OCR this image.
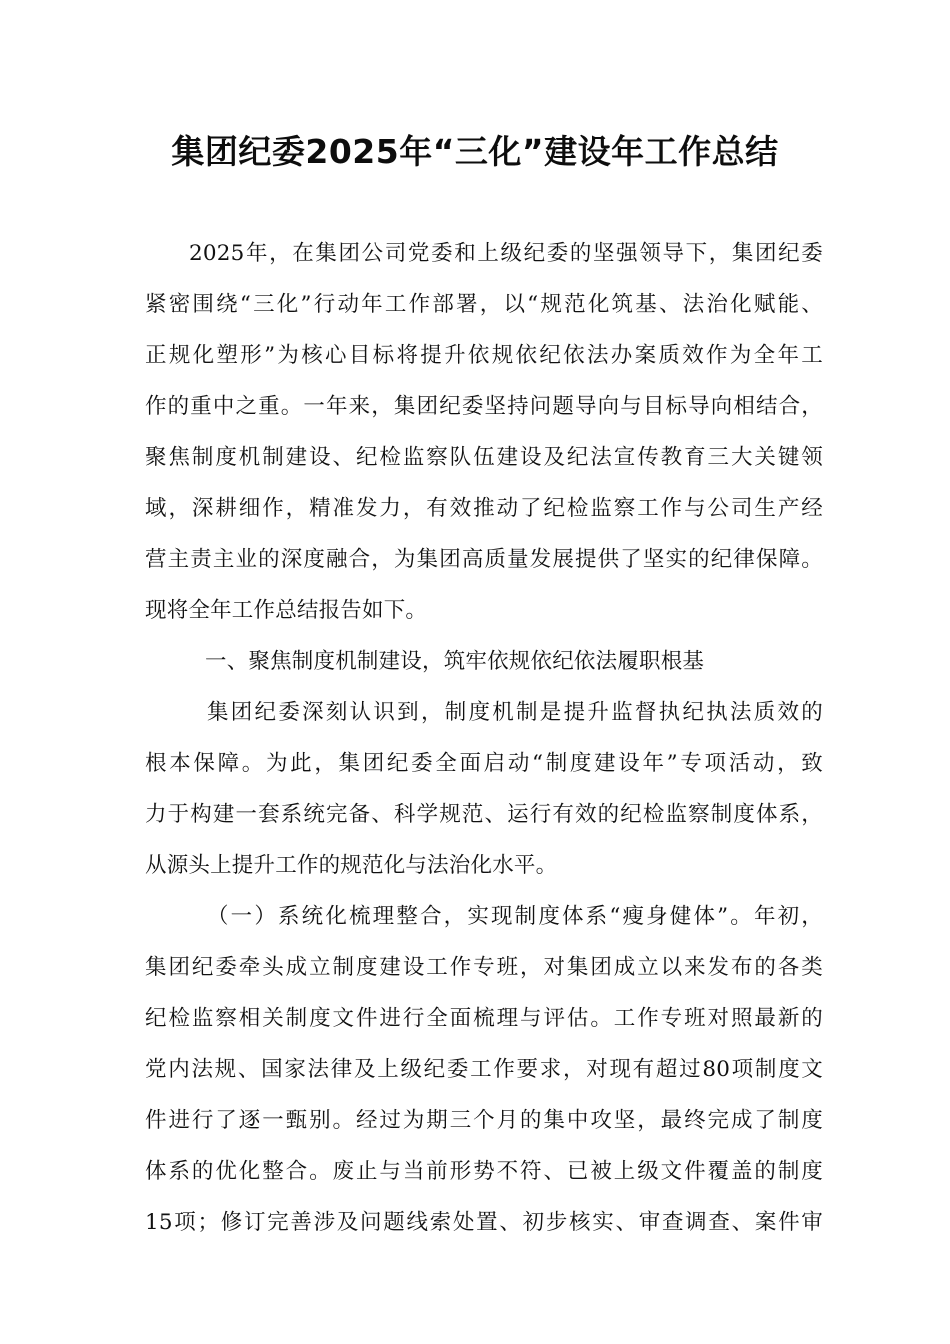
集团纪委2025年“三化”建设年工作总结
2025年，在集团公司党委和上级纪委的坚强领导下，集团纪委
紧密围绕“三化”行动年工作部署，以“规范化筑基、法治化赋能、
正规化塑形”为核心目标将提升依规依纪依法办案质效作为全年工
作的重中之重。一年来，集团纪委坚持问题导向与目标导向相结合，
聚焦制度机制建设、纪检监察队伍建设及纪法宣传教育三大关键领
域，深耕细作，精准发力，有效推动了纪检监察工作与公司生产经
营主责主业的深度融合，为集团高质量发展提供了坚实的纪律保障。
现将全年工作总结报告如下。
一、聚焦制度机制建设，筑牢依规依纪依法履职根基
集团纪委深刻认识到，制度机制是提升监督执纪执法质效的
根本保障。为此，集团纪委全面启动“制度建设年”专项活动，致
力于构建一套系统完备、科学规范、运行有效的纪检监察制度体系，
从源头上提升工作的规范化与法治化水平。
（一）系统化梳理整合，实现制度体系“瘦身健体”。年初，
集团纪委牵头成立制度建设工作专班，对集团成立以来发布的各类
纪检监察相关制度文件进行全面梳理与评估。工作专班对照最新的
党内法规、国家法律及上级纪委工作要求，对现有超过80项制度文
件进行了逐一甄别。经过为期三个月的集中攻坚，最终完成了制度
体系的优化整合。废止与当前形势不符、已被上级文件覆盖的制度
15项；修订完善涉及问题线索处置、初步核实、审查调查、案件审
